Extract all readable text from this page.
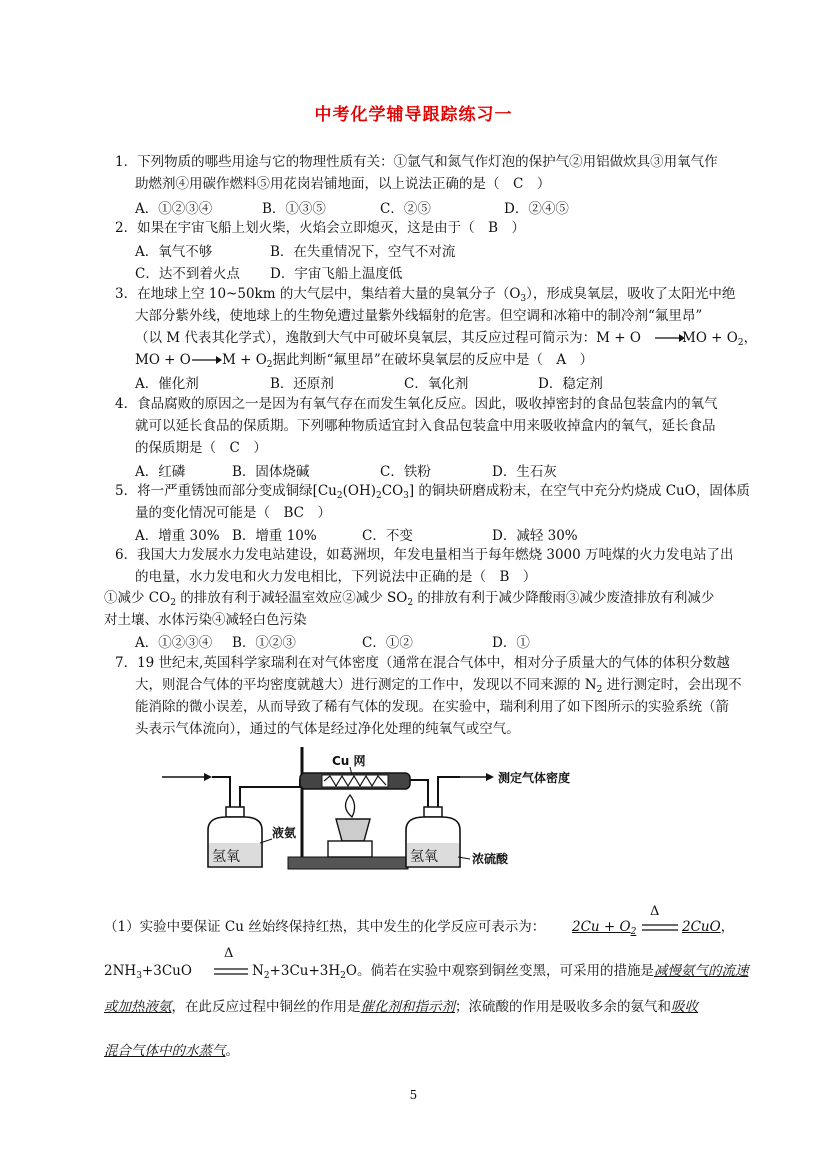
中考化学辅导跟踪练习一
1．下列物质的哪些用途与它的物理性质有关：①氩气和氮气作灯泡的保护气②用铝做炊具③用氧气作
助燃剂④用碳作燃料⑤用花岗岩铺地面，以上说法正确的是（　C　）
A．①②③④	B．①③⑤	C．②⑤	D．②④⑤
2．如果在宇宙飞船上划火柴，火焰会立即熄灭，这是由于（　B　）
A．氧气不够	B．在失重情况下，空气不对流
C．达不到着火点 D．宇宙飞船上温度低
3．在地球上空 10~50km 的大气层中，集结着大量的臭氧分子$(O_3)$，形成臭氧层，吸收了太阳光中绝
大部分紫外线，使地球上的生物免遭过量紫外线辐射的危害。但空调和冰箱中的制冷剂“氟里昂”
（以 M 代表其化学式），逸散到大气中可破坏臭氧层，其反应过程可简示为：M + O	MO + $O_2$，
MO + O $M + O_2$据此判断“氟里昂”在破坏臭氧层的反应中是（　A　）
A．催化剂	B．还原剂	C．氧化剂	D．稳定剂
4．食品腐败的原因之一是因为有氧气存在而发生氧化反应。因此，吸收掉密封的食品包装盒内的氧气
就可以延长食品的保质期。下列哪种物质适宜封入食品包装盒中用来吸收掉盒内的氧气，延长食品
的保质期是（　C　）
A．红磷	B．固体烧碱	C．铁粉	D．生石灰
5．将一严重锈蚀而部分变成铜绿$[Cu_2(OH)_2CO_3]$ 的铜块研磨成粉末，在空气中充分灼烧成 CuO，固体质
量的变化情况可能是（　BC　）
A．增重 30% B．增重 10%	C．不变	D．减轻 30%
6．我国大力发展水力发电站建设，如葛洲坝，年发电量相当于每年燃烧 3000 万吨煤的火力发电站了出
的电量，水力发电和火力发电相比，下列说法中正确的是（　B　）
①减少 $CO_2$ 的排放有利于减轻温室效应②减少 $SO_2$ 的排放有利于减少降酸雨③减少废渣排放有利减少
对土壤、水体污染④减轻白色污染
A．①②③④ B．①②③	C．①②	D．①
7．19 世纪末,英国科学家瑞利在对气体密度（通常在混合气体中，相对分子质量大的气体的体积分数越
大，则混合气体的平均密度就越大）进行测定的工作中，发现以不同来源的 $N_2$ 进行测定时，会出现不
能消除的微小误差，从而导致了稀有气体的发现。在实验中，瑞利利用了如下图所示的实验系统（箭
头表示气体流向），通过的气体是经过净化处理的纯氧气或空气。
氢氧
液氨
Cu 网
氢氧	浓硫酸
测定气体密度
（1）实验中要保证 Cu 丝始终保持红热，其中发生的化学反应可表示为： $2Cu + O_2$
Δ
2CuO，
$2NH_3+3CuO$
Δ
$N_2+3Cu+3H_2O$。倘若在实验中观察到铜丝变黑，可采用的措施是减慢氨气的流速
或加热液氨，在此反应过程中铜丝的作用是催化剂和指示剂；浓硫酸的作用是吸收多余的氨气和吸收
混合气体中的水蒸气。
5
